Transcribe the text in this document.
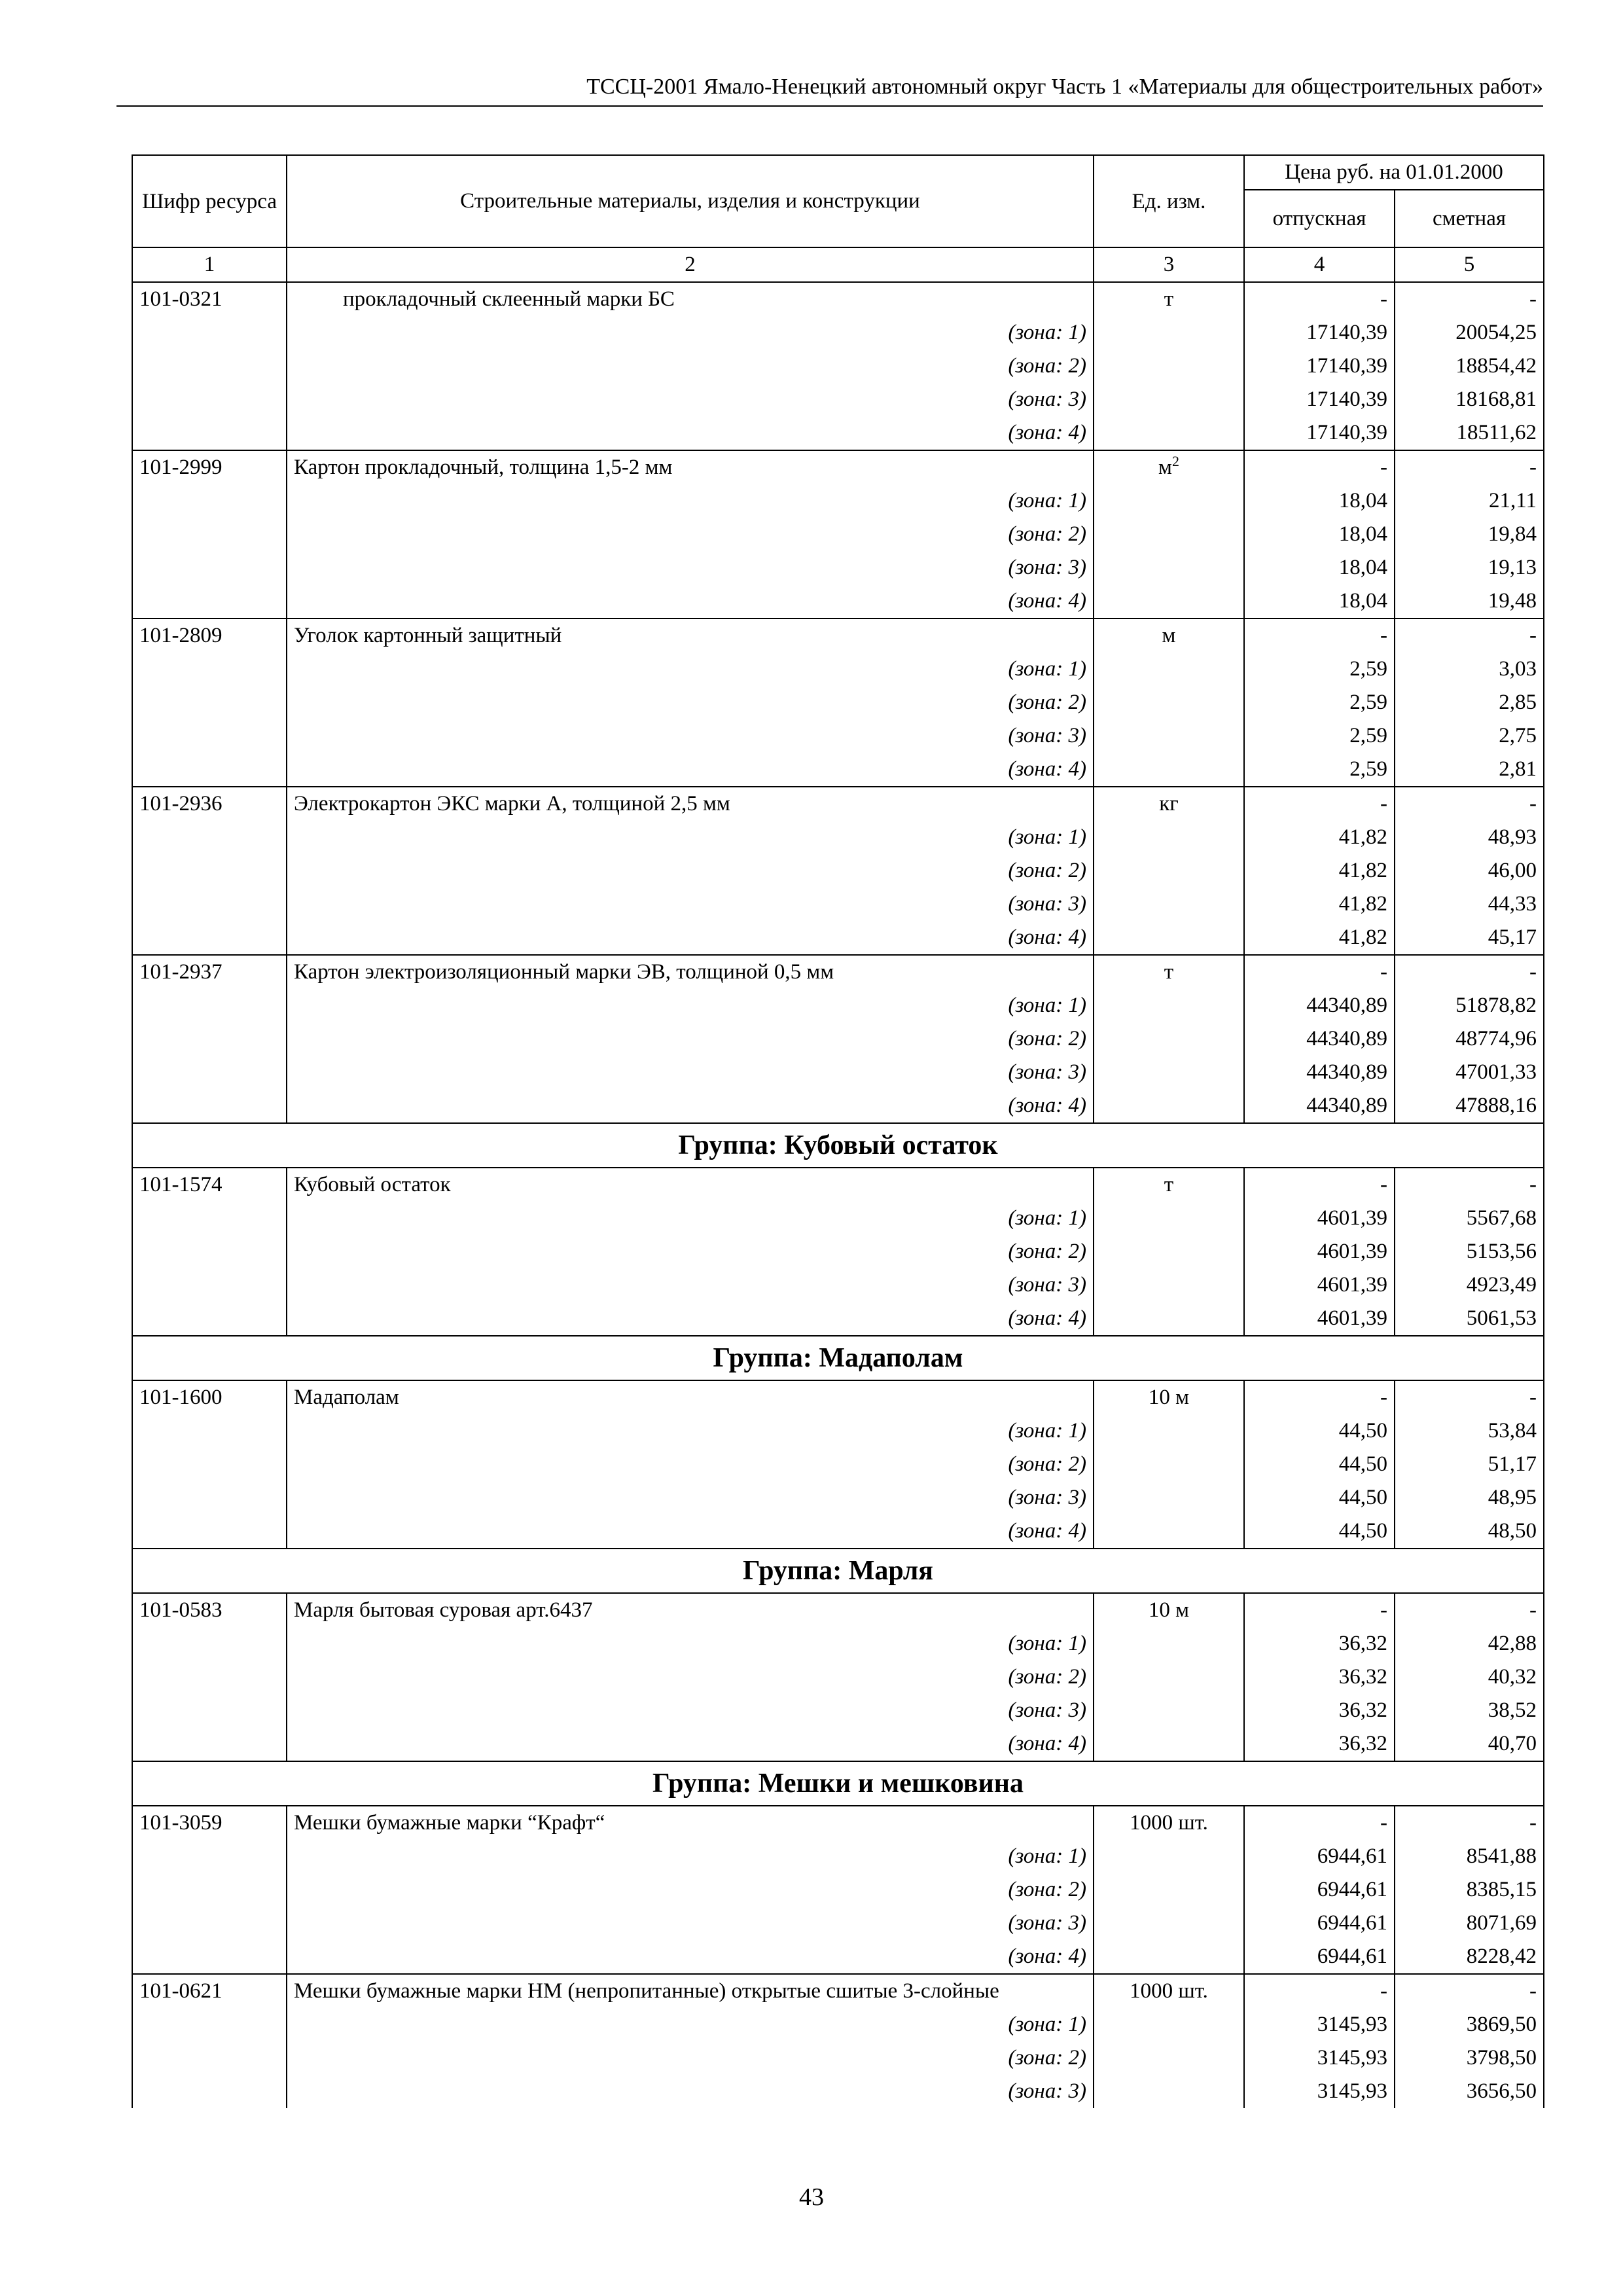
ТССЦ-2001 Ямало-Ненецкий автономный округ Часть 1 «Материалы для общестроительных работ»
Шифр ресурса	Строительные материалы, изделия и конструкции	Ед. изм.	Цена руб. на 01.01.2000	
			отпускная	сметная
1	2	3	4	5
101-0321	прокладочный склеенный марки БС	т	-	-
	(зона: 1)		17140,39	20054,25
	(зона: 2)		17140,39	18854,42
	(зона: 3)		17140,39	18168,81
	(зона: 4)		17140,39	18511,62
101-2999	Картон прокладочный, толщина 1,5-2 мм	$м^2$	-	-
	(зона: 1)		18,04	21,11
	(зона: 2)		18,04	19,84
	(зона: 3)		18,04	19,13
	(зона: 4)		18,04	19,48
101-2809	Уголок картонный защитный	м	-	-
	(зона: 1)		2,59	3,03
	(зона: 2)		2,59	2,85
	(зона: 3)		2,59	2,75
	(зона: 4)		2,59	2,81
101-2936	Электрокартон ЭКС марки А, толщиной 2,5 мм	кг	-	-
	(зона: 1)		41,82	48,93
	(зона: 2)		41,82	46,00
	(зона: 3)		41,82	44,33
	(зона: 4)		41,82	45,17
101-2937	Картон электроизоляционный марки ЭВ, толщиной 0,5 мм	т	-	-
	(зона: 1)		44340,89	51878,82
	(зона: 2)		44340,89	48774,96
	(зона: 3)		44340,89	47001,33
	(зона: 4)		44340,89	47888,16
Группа: Кубовый остаток				
101-1574	Кубовый остаток	т	-	-
	(зона: 1)		4601,39	5567,68
	(зона: 2)		4601,39	5153,56
	(зона: 3)		4601,39	4923,49
	(зона: 4)		4601,39	5061,53
Группа: Мадаполам				
101-1600	Мадаполам	10 м	-	-
	(зона: 1)		44,50	53,84
	(зона: 2)		44,50	51,17
	(зона: 3)		44,50	48,95
	(зона: 4)		44,50	48,50
Группа: Марля				
101-0583	Марля бытовая суровая арт.6437	10 м	-	-
	(зона: 1)		36,32	42,88
	(зона: 2)		36,32	40,32
	(зона: 3)		36,32	38,52
	(зона: 4)		36,32	40,70
Группа: Мешки и мешковина				
101-3059	Мешки бумажные марки “Крафт“	1000 шт.	-	-
	(зона: 1)		6944,61	8541,88
	(зона: 2)		6944,61	8385,15
	(зона: 3)		6944,61	8071,69
	(зона: 4)		6944,61	8228,42
101-0621	Мешки бумажные марки НМ (непропитанные) открытые сшитые 3-слойные	1000 шт.	-	-
	(зона: 1)		3145,93	3869,50
	(зона: 2)		3145,93	3798,50
	(зона: 3)		3145,93	3656,50
43
